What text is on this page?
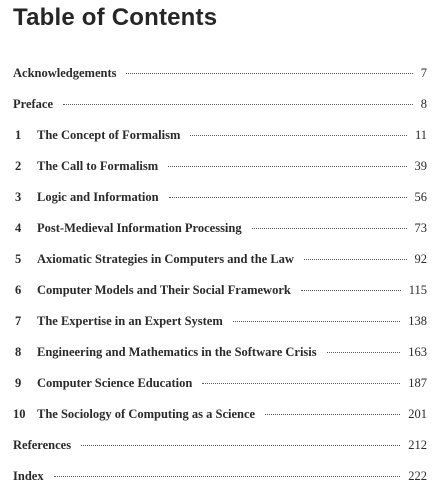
Table of Contents
Acknowledgements	7
Preface	8
1	The Concept of Formalism	11
2	The Call to Formalism	39
3	Logic and Information	56
4	Post-Medieval Information Processing	73
5	Axiomatic Strategies in Computers and the Law	92
6	Computer Models and Their Social Framework	115
7	The Expertise in an Expert System	138
8	Engineering and Mathematics in the Software Crisis	163
9	Computer Science Education	187
10 The Sociology of Computing as a Science	201
References	212
Index	222
